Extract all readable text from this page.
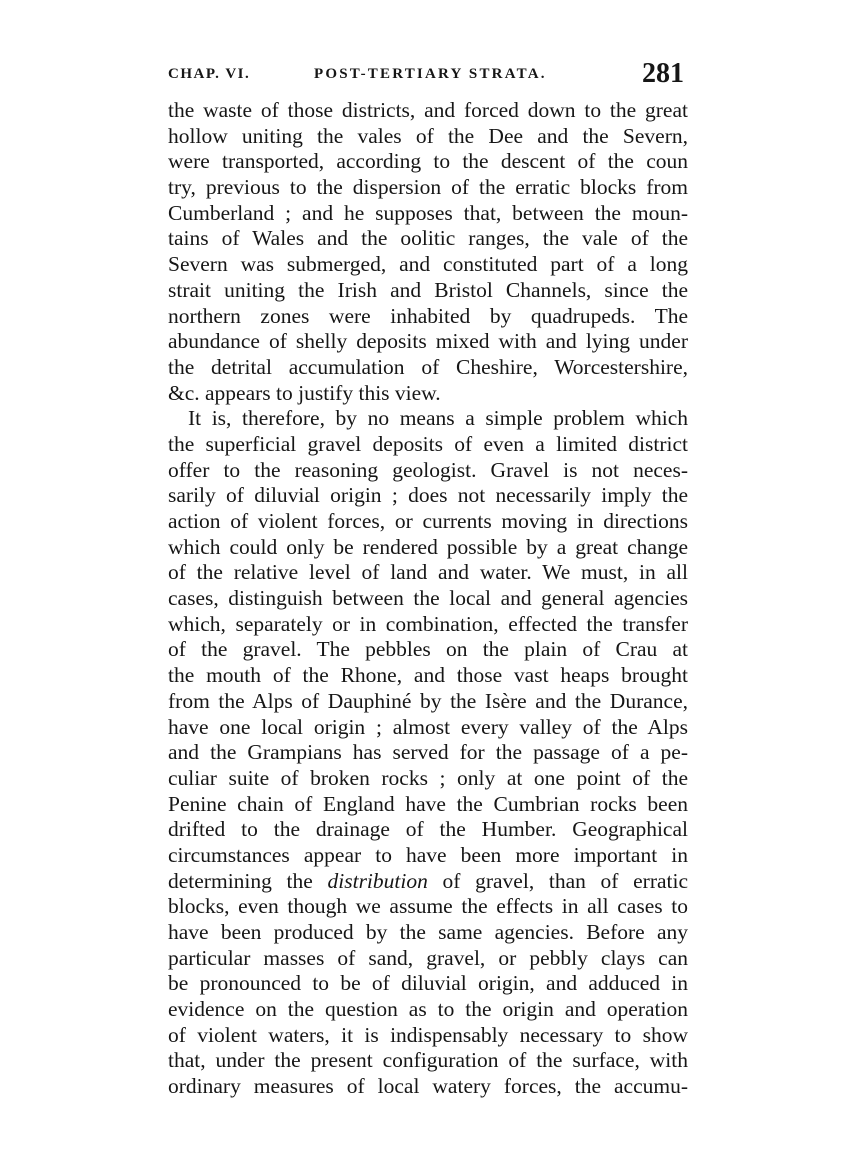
CHAP. VI.	POST-TERTIARY STRATA.	281
the waste of those districts, and forced down to the great
hollow uniting the vales of the Dee and the Severn,
were transported, according to the descent of the coun
try, previous to the dispersion of the erratic blocks from
Cumberland ; and he supposes that, between the moun-
tains of Wales and the oolitic ranges, the vale of the
Severn was submerged, and constituted part of a long
strait uniting the Irish and Bristol Channels, since the
northern zones were inhabited by quadrupeds. The
abundance of shelly deposits mixed with and lying under
the detrital accumulation of Cheshire, Worcestershire,
&c. appears to justify this view.
It is, therefore, by no means a simple problem which
the superficial gravel deposits of even a limited district
offer to the reasoning geologist. Gravel is not neces-
sarily of diluvial origin ; does not necessarily imply the
action of violent forces, or currents moving in directions
which could only be rendered possible by a great change
of the relative level of land and water. We must, in all
cases, distinguish between the local and general agencies
which, separately or in combination, effected the transfer
of the gravel. The pebbles on the plain of Crau at
the mouth of the Rhone, and those vast heaps brought
from the Alps of Dauphiné by the Isère and the Durance,
have one local origin ; almost every valley of the Alps
and the Grampians has served for the passage of a pe-
culiar suite of broken rocks ; only at one point of the
Penine chain of England have the Cumbrian rocks been
drifted to the drainage of the Humber. Geographical
circumstances appear to have been more important in
determining the distribution of gravel, than of erratic
blocks, even though we assume the effects in all cases to
have been produced by the same agencies. Before any
particular masses of sand, gravel, or pebbly clays can
be pronounced to be of diluvial origin, and adduced in
evidence on the question as to the origin and operation
of violent waters, it is indispensably necessary to show
that, under the present configuration of the surface, with
ordinary measures of local watery forces, the accumu-
